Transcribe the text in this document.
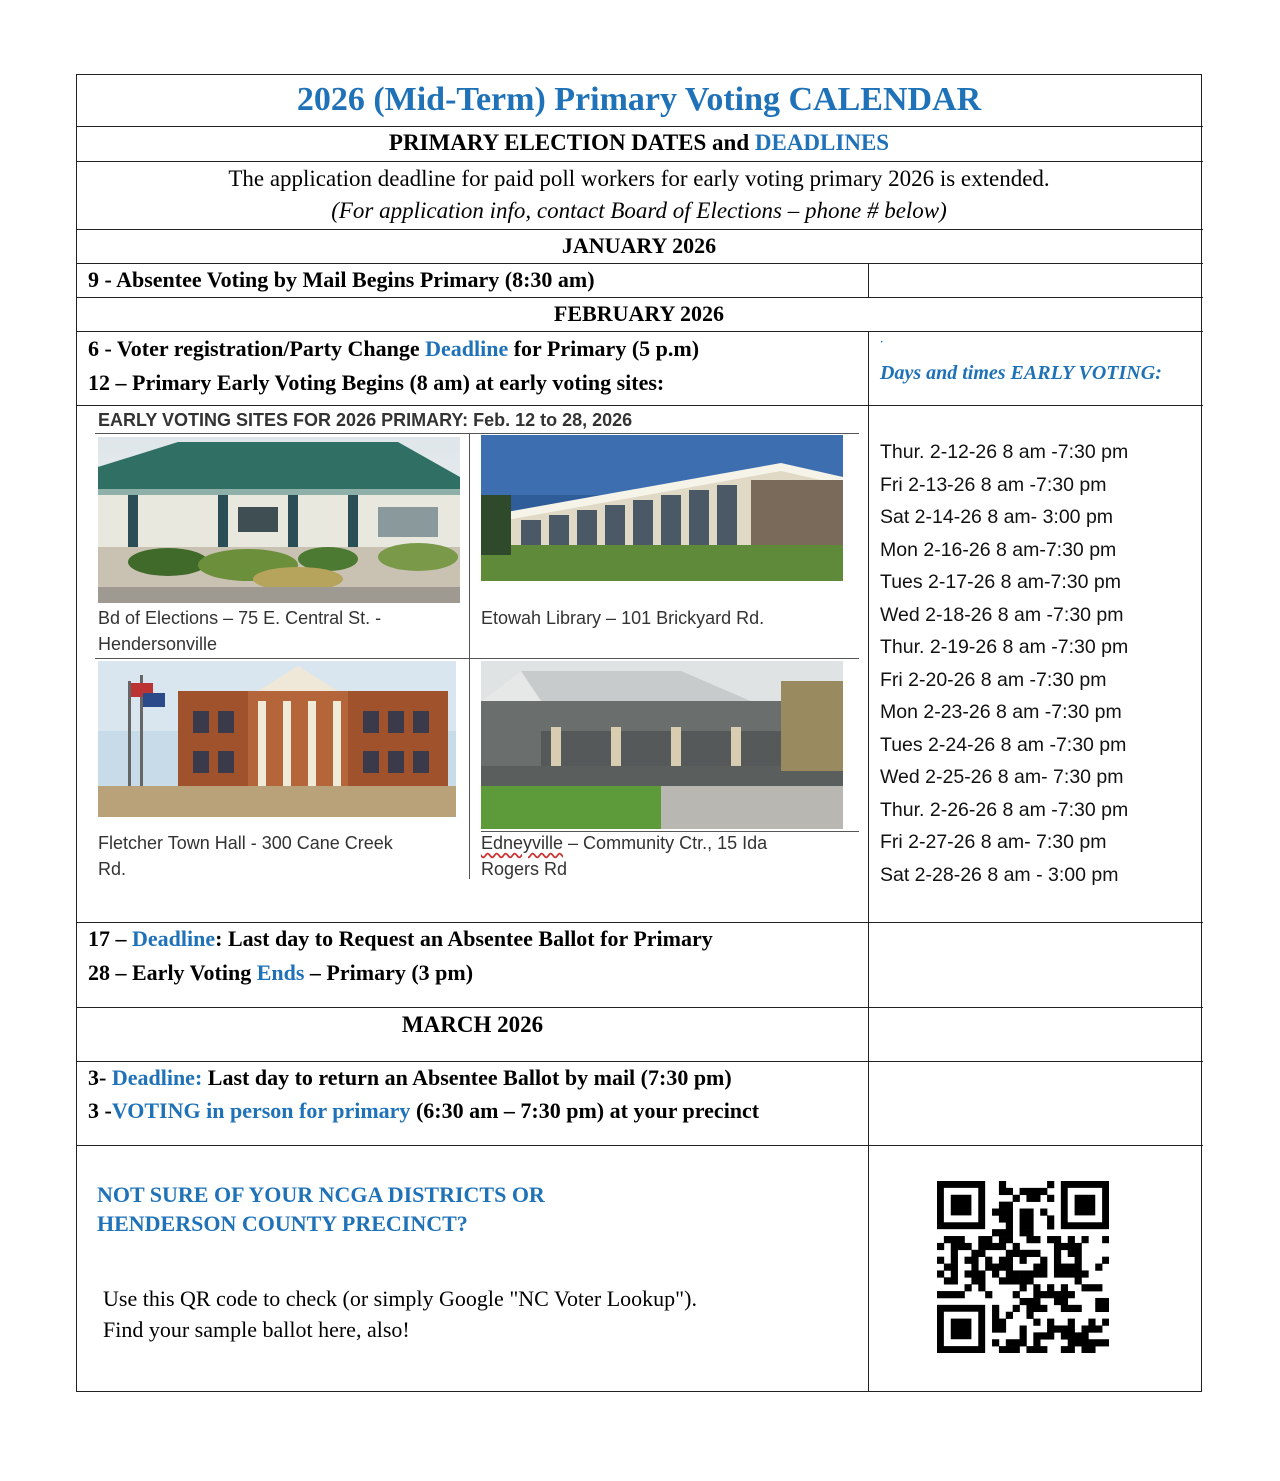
2026 (Mid-Term) Primary Voting CALENDAR
PRIMARY ELECTION DATES and DEADLINES
The application deadline for paid poll workers for early voting primary 2026 is extended.
(For application info, contact Board of Elections – phone # below)
JANUARY 2026
9 - Absentee Voting by Mail Begins Primary (8:30 am)
FEBRUARY 2026
6 - Voter registration/Party Change Deadline for Primary (5 p.m)
12 – Primary Early Voting Begins (8 am) at early voting sites:
·
Days and times EARLY VOTING:
EARLY VOTING SITES FOR 2026 PRIMARY: Feb. 12 to 28, 2026
Bd of Elections – 75 E. Central St. -
Hendersonville
Etowah Library – 101 Brickyard Rd.
Fletcher Town Hall - 300 Cane Creek
Rd.
Edneyville – Community Ctr., 15 Ida
Rogers Rd
Thur. 2-12-26 8 am -7:30 pm
Fri 2-13-26 8 am -7:30 pm
Sat 2-14-26 8 am- 3:00 pm
Mon 2-16-26 8 am-7:30 pm
Tues 2-17-26 8 am-7:30 pm
Wed 2-18-26 8 am -7:30 pm
Thur. 2-19-26 8 am -7:30 pm
Fri 2-20-26 8 am -7:30 pm
Mon 2-23-26 8 am -7:30 pm
Tues 2-24-26 8 am -7:30 pm
Wed 2-25-26 8 am- 7:30 pm
Thur. 2-26-26 8 am -7:30 pm
Fri 2-27-26 8 am- 7:30 pm
Sat 2-28-26 8 am - 3:00 pm
17 – Deadline: Last day to Request an Absentee Ballot for Primary
28 – Early Voting Ends – Primary (3 pm)
MARCH 2026
3- Deadline: Last day to return an Absentee Ballot by mail (7:30 pm)
3 -VOTING in person for primary (6:30 am – 7:30 pm) at your precinct
NOT SURE OF YOUR NCGA DISTRICTS OR
HENDERSON COUNTY PRECINCT?
Use this QR code to check (or simply Google "NC Voter Lookup").
Find your sample ballot here, also!
